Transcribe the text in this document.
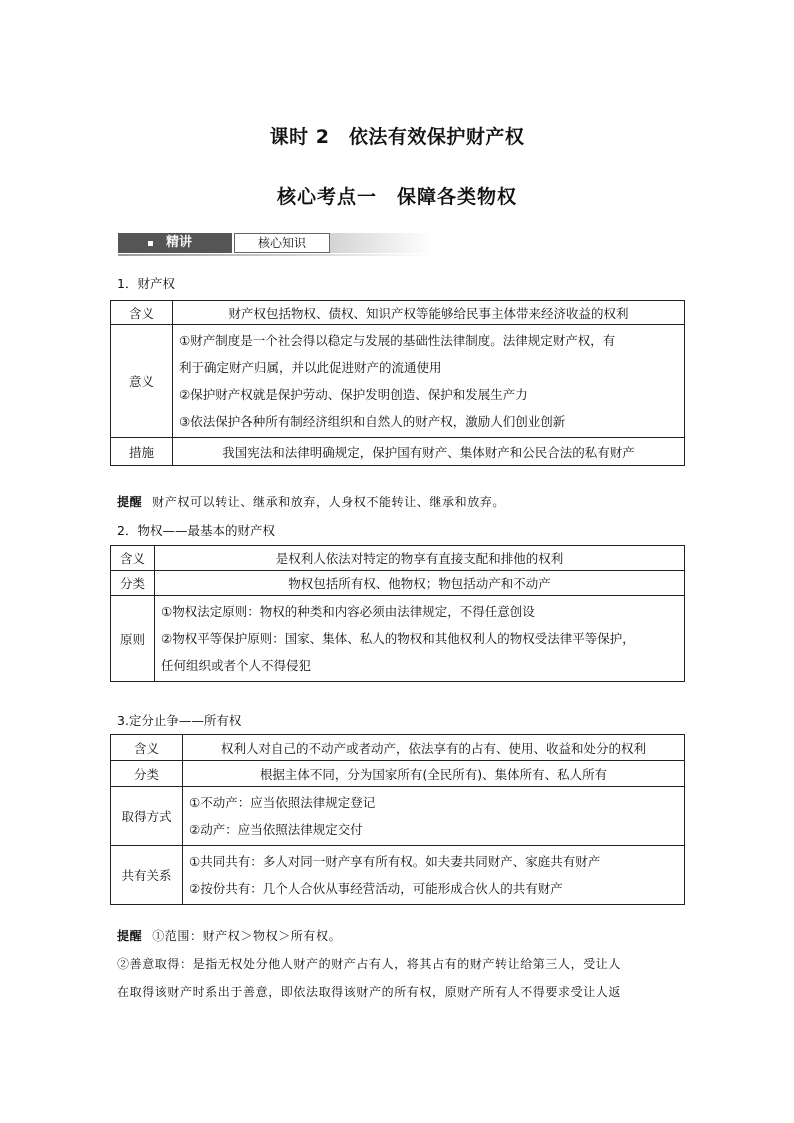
课时 2　依法有效保护财产权
核心考点一　保障各类物权
精讲	核心知识
1．财产权
含义	财产权包括物权、债权、知识产权等能够给民事主体带来经济收益的权利
意义	①财产制度是一个社会得以稳定与发展的基础性法律制度。法律规定财产权，有
利于确定财产归属，并以此促进财产的流通使用
②保护财产权就是保护劳动、保护发明创造、保护和发展生产力
③依法保护各种所有制经济组织和自然人的财产权，激励人们创业创新

措施	我国宪法和法律明确规定，保护国有财产、集体财产和公民合法的私有财产
提醒 财产权可以转让、继承和放弃，人身权不能转让、继承和放弃。
2．物权——最基本的财产权
含义	是权利人依法对特定的物享有直接支配和排他的权利
分类	物权包括所有权、他物权；物包括动产和不动产
原则	①物权法定原则：物权的种类和内容必须由法律规定，不得任意创设
②物权平等保护原则：国家、集体、私人的物权和其他权利人的物权受法律平等保护，
任何组织或者个人不得侵犯
3.定分止争——所有权
含义	权利人对自己的不动产或者动产，依法享有的占有、使用、收益和处分的权利
分类	根据主体不同，分为国家所有(全民所有)、集体所有、私人所有
取得方式	①不动产：应当依照法律规定登记
②动产：应当依照法律规定交付

共有关系	①共同共有：多人对同一财产享有所有权。如夫妻共同财产、家庭共有财产
②按份共有：几个人合伙从事经营活动，可能形成合伙人的共有财产
提醒 ①范围：财产权＞物权＞所有权。
②善意取得：是指无权处分他人财产的财产占有人，将其占有的财产转让给第三人，受让人
在取得该财产时系出于善意，即依法取得该财产的所有权，原财产所有人不得要求受让人返
